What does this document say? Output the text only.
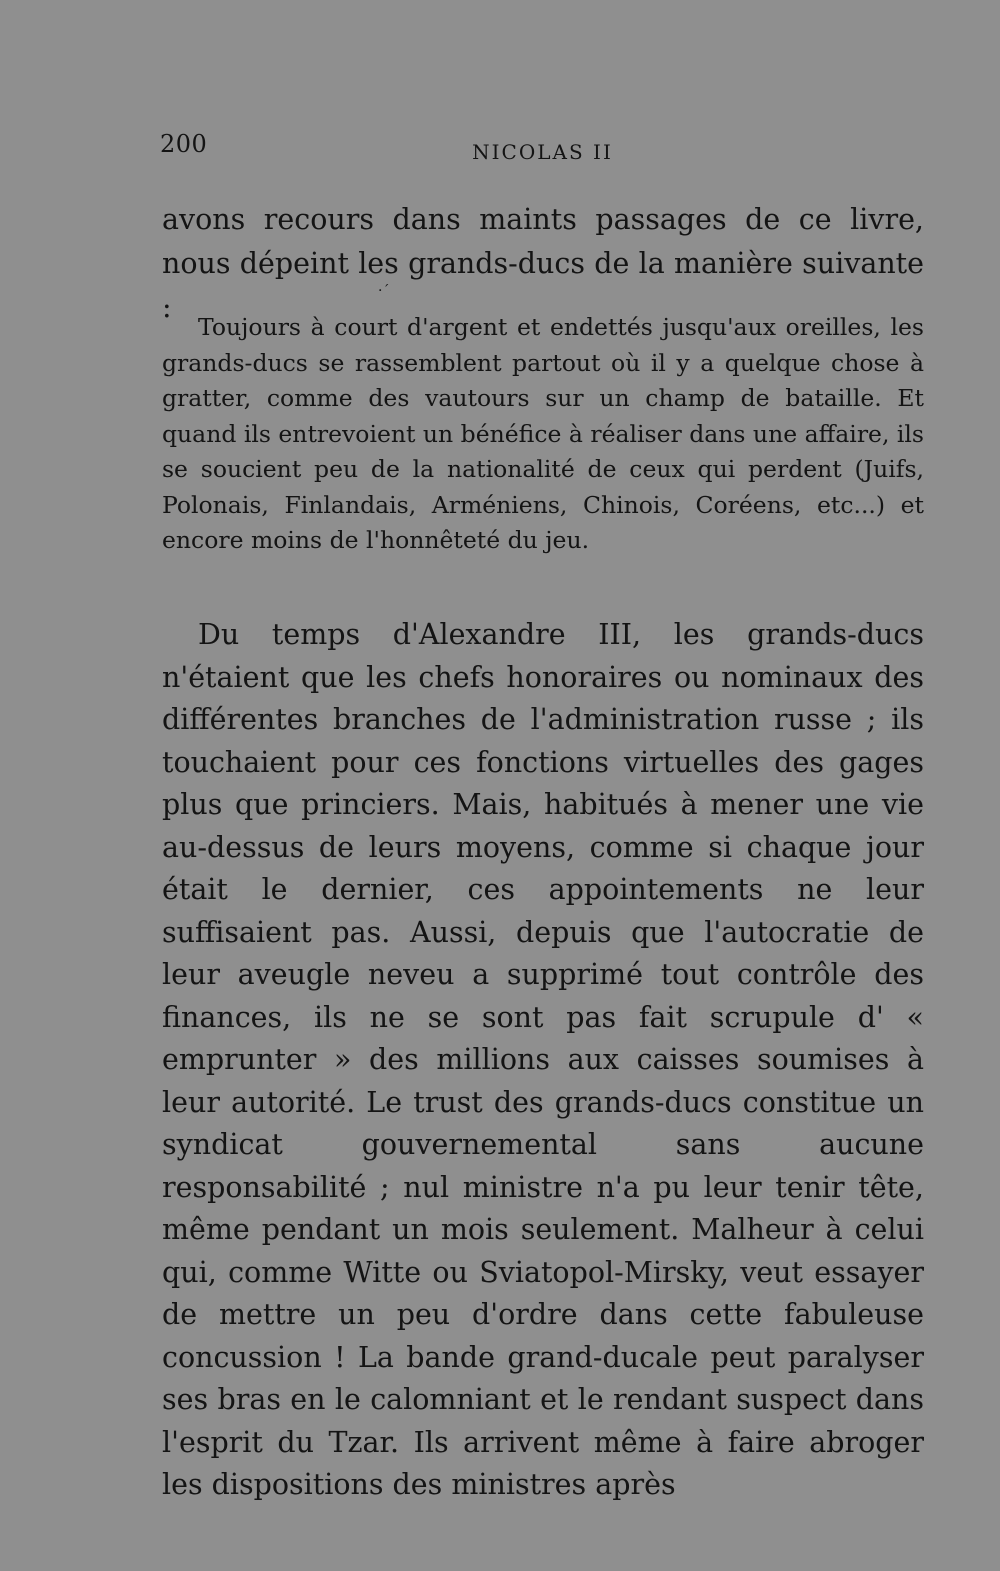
200	NICOLAS II

avons recours dans maints passages de ce livre, nous dépeint les grands-ducs de la manière suivante :	·ˊ

Toujours à court d'argent et endettés jusqu'aux oreilles, les grands-ducs se rassemblent partout où il y a quelque chose à gratter, comme des vautours sur un champ de bataille. Et quand ils entrevoient un bénéfice à réaliser dans une affaire, ils se soucient peu de la nationalité de ceux qui perdent (Juifs, Polonais, Finlandais, Arméniens, Chinois, Coréens, etc...) et encore moins de l'honnêteté du jeu.

Du temps d'Alexandre III, les grands-ducs n'étaient que les chefs honoraires ou nominaux des différentes branches de l'administration russe ; ils touchaient pour ces fonctions virtuelles des gages plus que princiers. Mais, habitués à mener une vie au-dessus de leurs moyens, comme si chaque jour était le dernier, ces appointements ne leur suffisaient pas. Aussi, depuis que l'autocratie de leur aveugle neveu a supprimé tout contrôle des finances, ils ne se sont pas fait scrupule d' « emprunter » des millions aux caisses soumises à leur autorité. Le trust des grands-ducs constitue un syndicat gouvernemental sans aucune responsabilité ; nul ministre n'a pu leur tenir tête, même pendant un mois seulement. Malheur à celui qui, comme Witte ou Sviatopol-Mirsky, veut essayer de mettre un peu d'ordre dans cette fabuleuse concussion ! La bande grand-ducale peut paralyser ses bras en le calomniant et le rendant suspect dans l'esprit du Tzar. Ils arrivent même à faire abroger les dispositions des ministres après
